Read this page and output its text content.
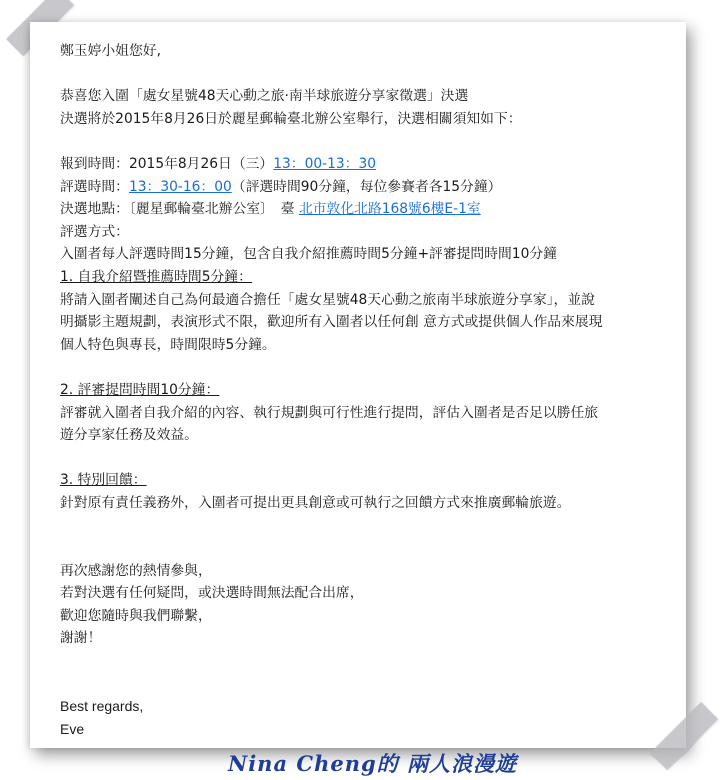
鄭玉婷小姐您好,

恭喜您入圍「處女星號48天心動之旅·南半球旅遊分享家徵選」決選

決選將於2015年8月26日於麗星郵輪臺北辦公室舉行，決選相關須知如下：

報到時間：2015年8月26日（三）13：00-13：30

評選時間：13：30-16：00（評選時間90分鐘，每位參賽者各15分鐘）

決選地點：〔麗星郵輪臺北辦公室〕　臺 北市敦化北路168號6樓E-1室

評選方式：

入圍者每人評選時間15分鐘，包含自我介紹推薦時間5分鐘+評審提問時間10分鐘

1. 自我介紹暨推薦時間5分鐘：

將請入圍者闡述自己為何最適合擔任「處女星號48天心動之旅南半球旅遊分享家」，並說

明攝影主題規劃，表演形式不限，歡迎所有入圍者以任何創 意方式或提供個人作品來展現

個人特色與專長，時間限時5分鐘。

2. 評審提問時間10分鐘：

評審就入圍者自我介紹的內容、執行規劃與可行性進行提問，評估入圍者是否足以勝任旅

遊分享家任務及效益。

3. 特別回饋：

針對原有責任義務外，入圍者可提出更具創意或可執行之回饋方式來推廣郵輪旅遊。

再次感謝您的熱情參與，

若對決選有任何疑問，或決選時間無法配合出席，

歡迎您隨時與我們聯繫，

謝謝！

Best regards,

Eve

Nina Cheng的 兩人浪漫遊
